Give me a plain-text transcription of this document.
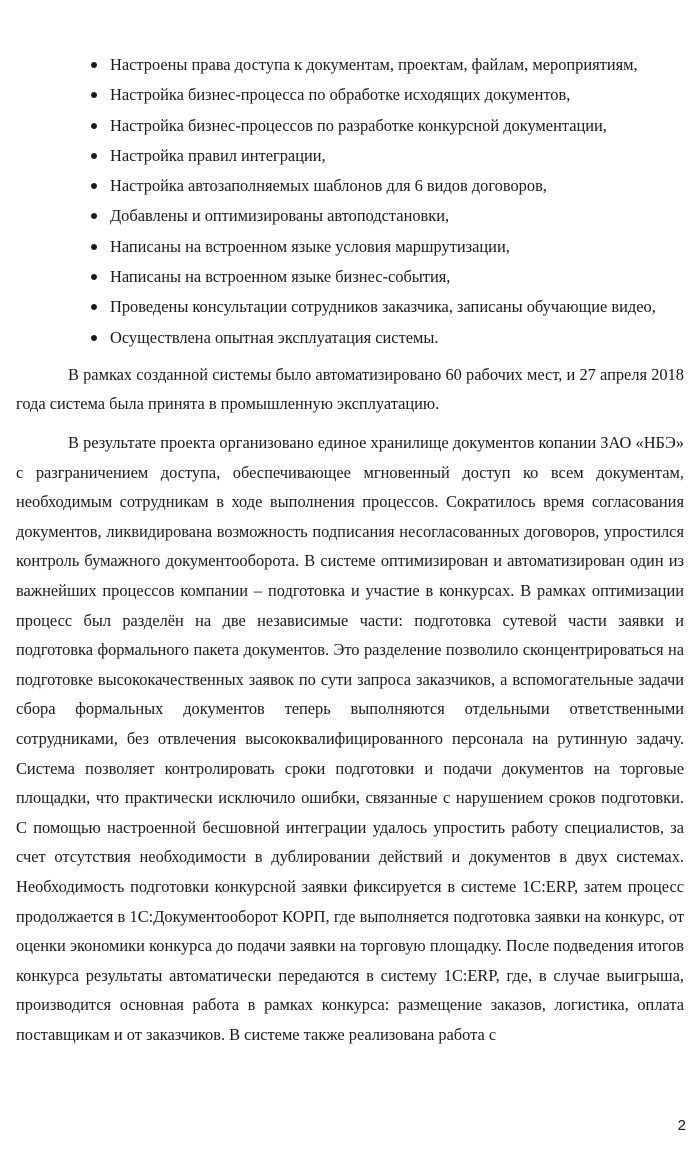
Настроены права доступа к документам, проектам, файлам, мероприятиям,
Настройка бизнес-процесса по обработке исходящих документов,
Настройка бизнес-процессов по разработке конкурсной документации,
Настройка правил интеграции,
Настройка автозаполняемых шаблонов для 6 видов договоров,
Добавлены и оптимизированы автоподстановки,
Написаны на встроенном языке условия маршрутизации,
Написаны на встроенном языке бизнес-события,
Проведены консультации сотрудников заказчика, записаны обучающие видео,
Осуществлена опытная эксплуатация системы.

В рамках созданной системы было автоматизировано 60 рабочих мест, и 27 апреля 2018 года система была принята в промышленную эксплуатацию.

В результате проекта организовано единое хранилище документов копании ЗАО «НБЭ» с разграничением доступа, обеспечивающее мгновенный доступ ко всем документам, необходимым сотрудникам в ходе выполнения процессов. Сократилось время согласования документов, ликвидирована возможность подписания несогласованных договоров, упростился контроль бумажного документооборота. В системе оптимизирован и автоматизирован один из важнейших процессов компании – подготовка и участие в конкурсах. В рамках оптимизации процесс был разделён на две независимые части: подготовка сутевой части заявки и подготовка формального пакета документов. Это разделение позволило сконцентрироваться на подготовке высококачественных заявок по сути запроса заказчиков, а вспомогательные задачи сбора формальных документов теперь выполняются отдельными ответственными сотрудниками, без отвлечения высококвалифицированного персонала на рутинную задачу. Система позволяет контролировать сроки подготовки и подачи документов на торговые площадки, что практически исключило ошибки, связанные с нарушением сроков подготовки. С помощью настроенной бесшовной интеграции удалось упростить работу специалистов, за счет отсутствия необходимости в дублировании действий и документов в двух системах. Необходимость подготовки конкурсной заявки фиксируется в системе 1С:ERP, затем процесс продолжается в 1С:Документооборот КОРП, где выполняется подготовка заявки на конкурс, от оценки экономики конкурса до подачи заявки на торговую площадку. После подведения итогов конкурса результаты автоматически передаются в систему 1С:ERP, где, в случае выигрыша, производится основная работа в рамках конкурса: размещение заказов, логистика, оплата поставщикам и от заказчиков. В системе также реализована работа с

2
